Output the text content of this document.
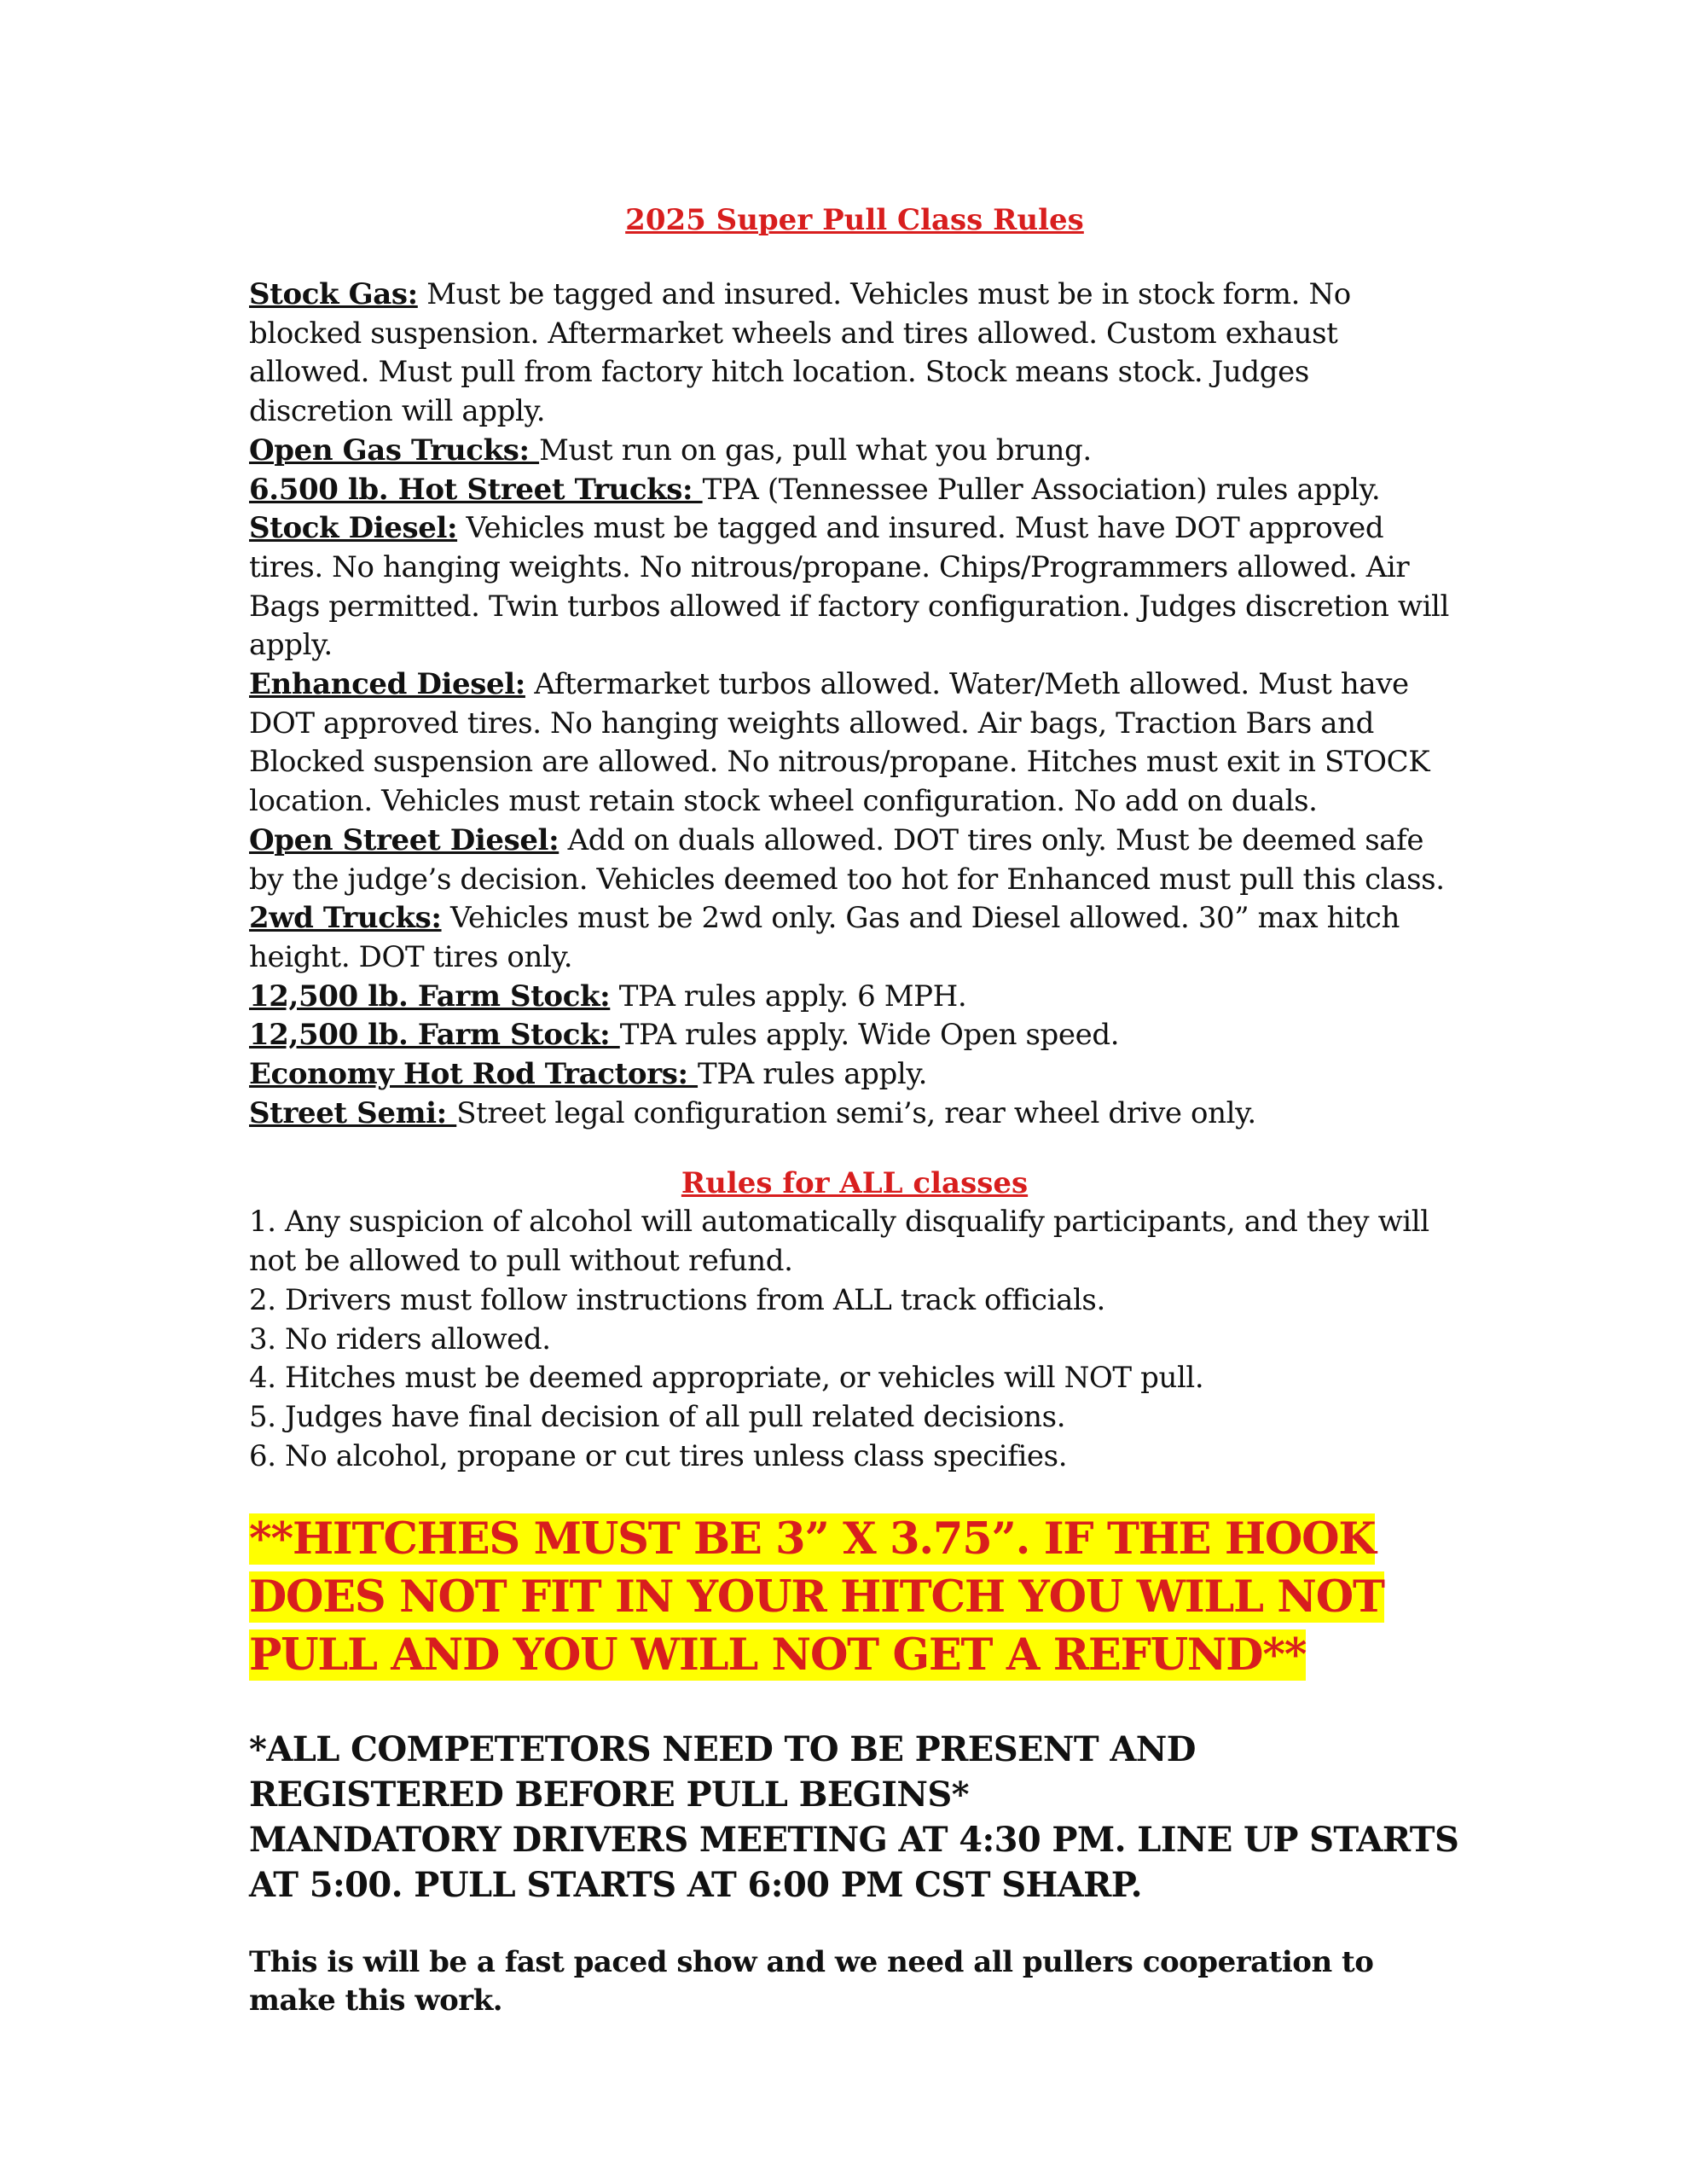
2025 Super Pull Class Rules
Stock Gas: Must be tagged and insured. Vehicles must be in stock form. No blocked suspension. Aftermarket wheels and tires allowed. Custom exhaust allowed. Must pull from factory hitch location. Stock means stock. Judges discretion will apply.
Open Gas Trucks: Must run on gas, pull what you brung.
6.500 lb. Hot Street Trucks: TPA (Tennessee Puller Association) rules apply.
Stock Diesel: Vehicles must be tagged and insured. Must have DOT approved tires. No hanging weights. No nitrous/propane. Chips/Programmers allowed. Air Bags permitted. Twin turbos allowed if factory configuration. Judges discretion will apply.
Enhanced Diesel: Aftermarket turbos allowed. Water/Meth allowed. Must have DOT approved tires. No hanging weights allowed. Air bags, Traction Bars and Blocked suspension are allowed. No nitrous/propane. Hitches must exit in STOCK location. Vehicles must retain stock wheel configuration. No add on duals.
Open Street Diesel: Add on duals allowed. DOT tires only. Must be deemed safe by the judge’s decision. Vehicles deemed too hot for Enhanced must pull this class.
2wd Trucks: Vehicles must be 2wd only. Gas and Diesel allowed. 30” max hitch height. DOT tires only.
12,500 lb. Farm Stock: TPA rules apply. 6 MPH.
12,500 lb. Farm Stock: TPA rules apply. Wide Open speed.
Economy Hot Rod Tractors: TPA rules apply.
Street Semi: Street legal configuration semi’s, rear wheel drive only.
Rules for ALL classes
1. Any suspicion of alcohol will automatically disqualify participants, and they will not be allowed to pull without refund.
2. Drivers must follow instructions from ALL track officials.
3. No riders allowed.
4. Hitches must be deemed appropriate, or vehicles will NOT pull.
5. Judges have final decision of all pull related decisions.
6. No alcohol, propane or cut tires unless class specifies.
**HITCHES MUST BE 3” X 3.75”. IF THE HOOK DOES NOT FIT IN YOUR HITCH YOU WILL NOT PULL AND YOU WILL NOT GET A REFUND**

*ALL COMPETETORS NEED TO BE PRESENT AND REGISTERED BEFORE PULL BEGINS*

MANDATORY DRIVERS MEETING AT 4:30 PM. LINE UP STARTS AT 5:00. PULL STARTS AT 6:00 PM CST SHARP.

This is will be a fast paced show and we need all pullers cooperation to make this work.
